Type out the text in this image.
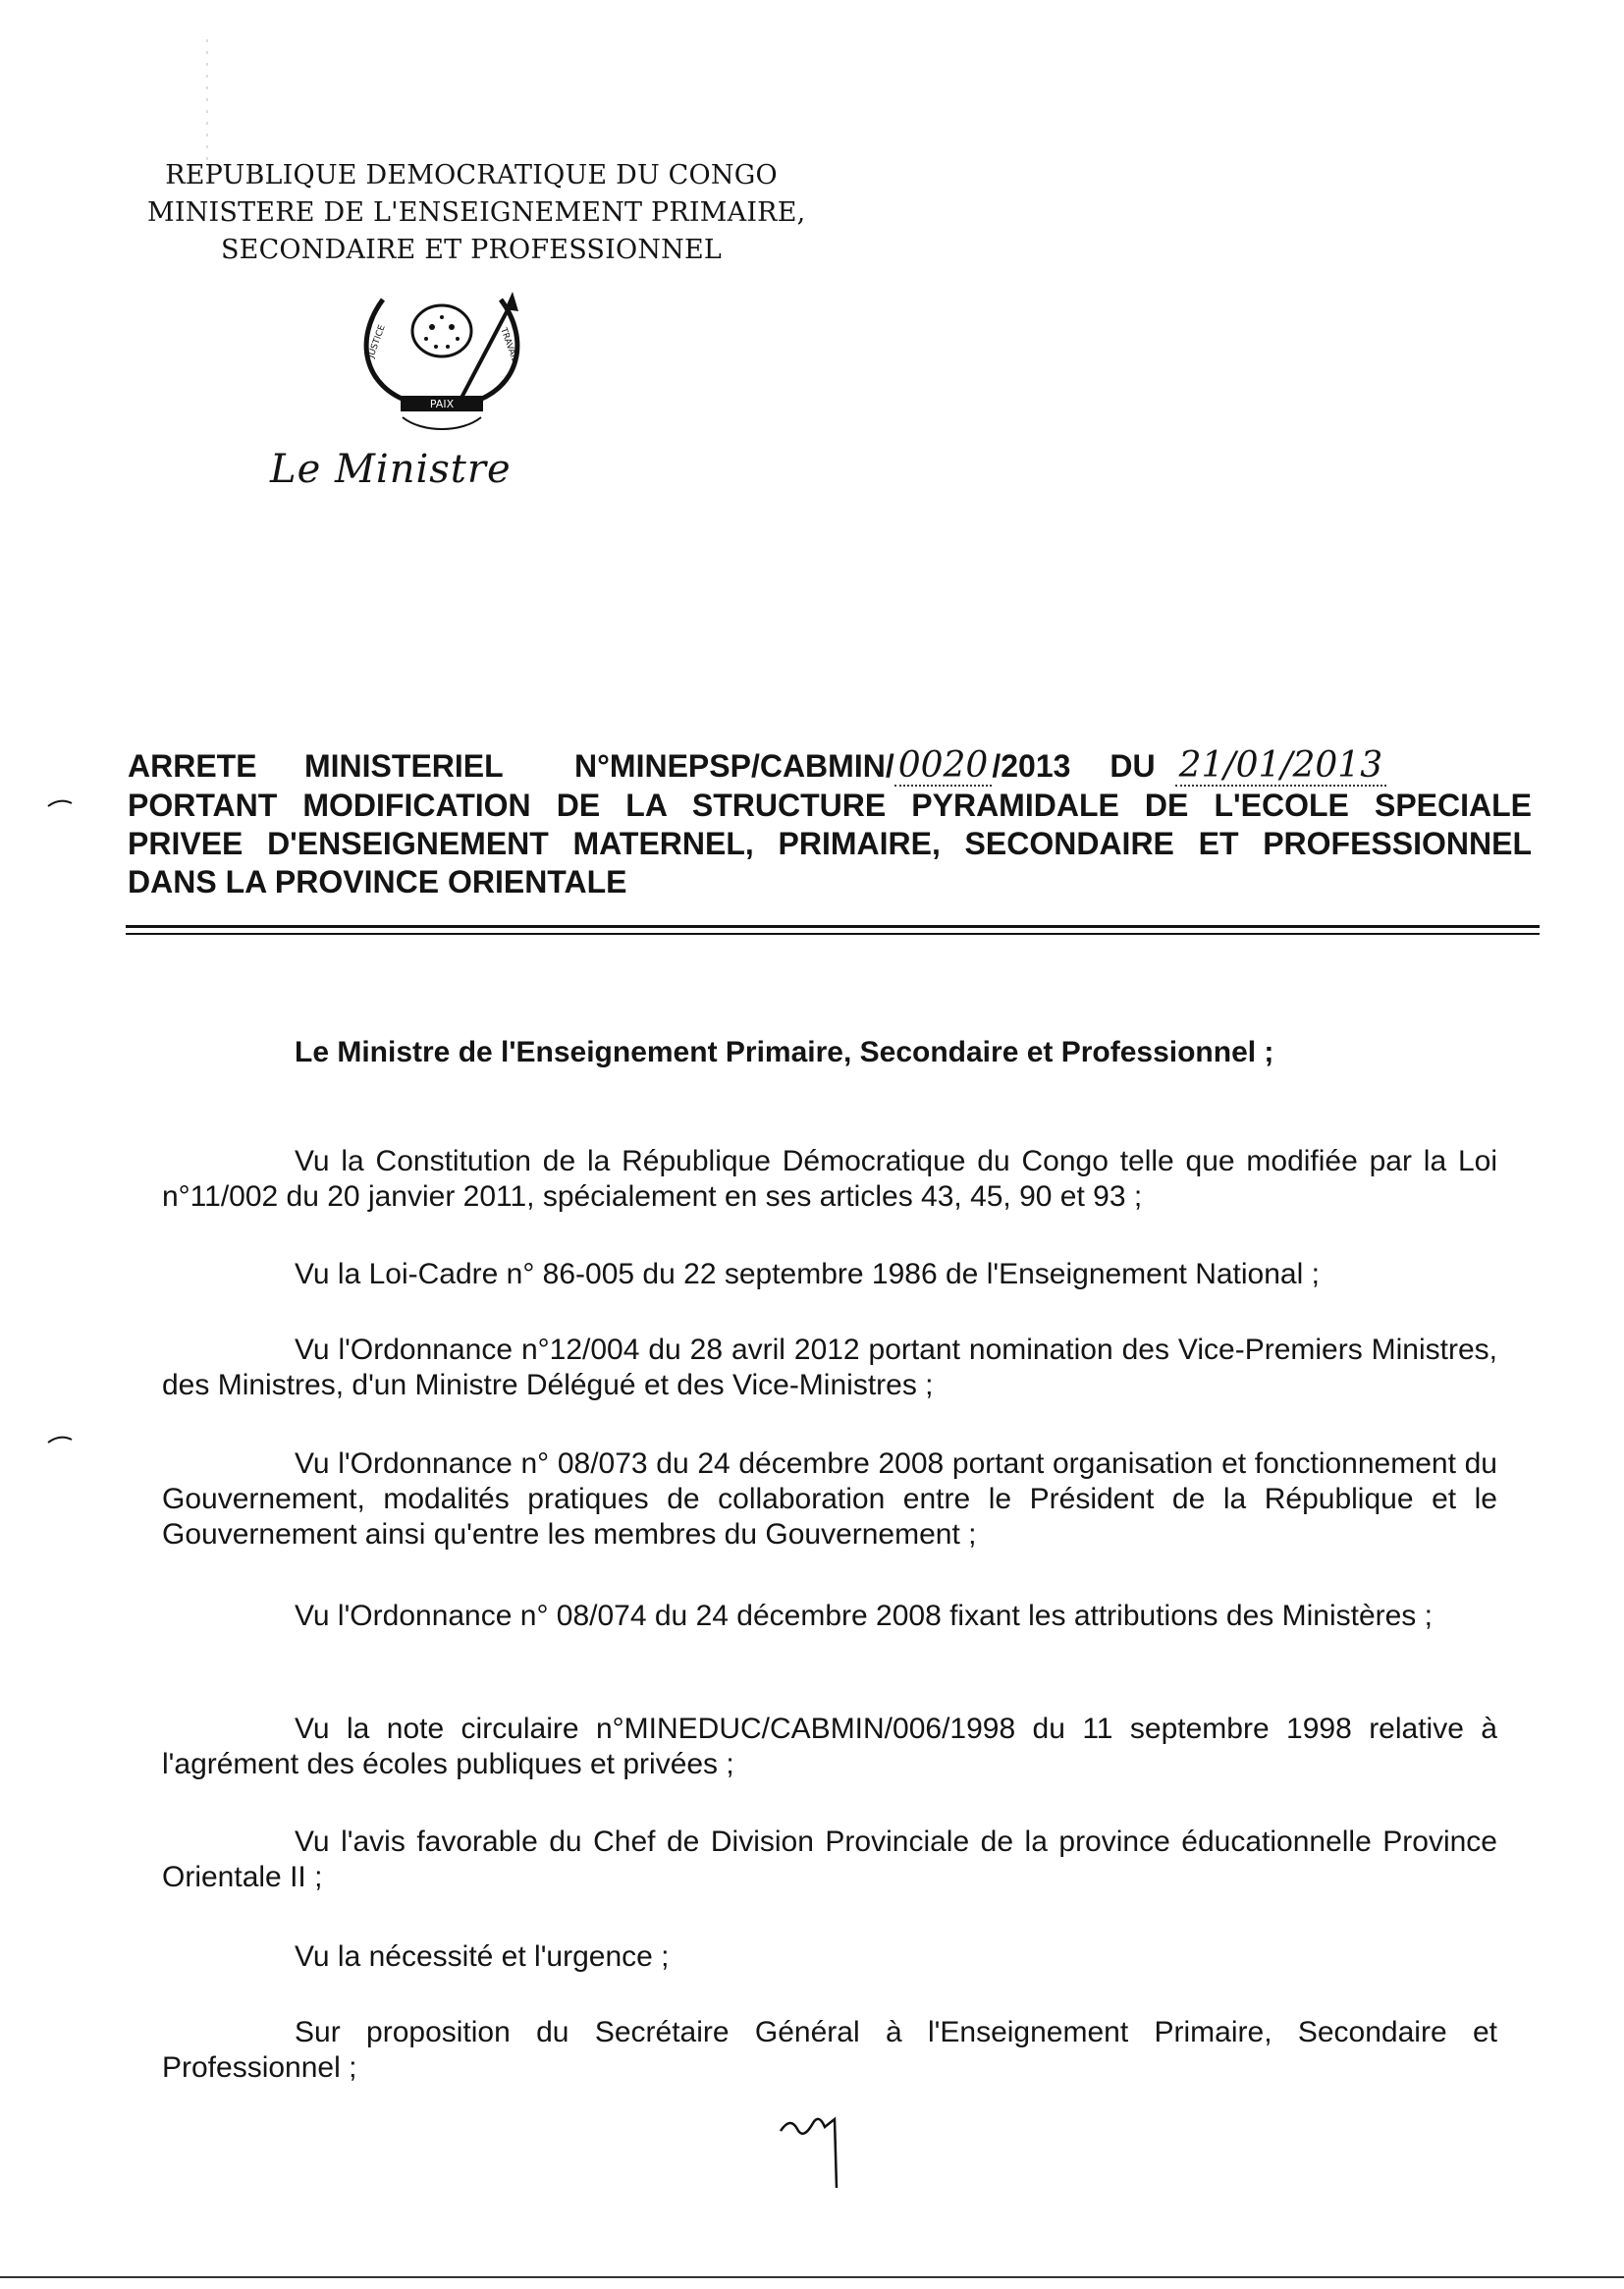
REPUBLIQUE DEMOCRATIQUE DU CONGO
MINISTERE DE L'ENSEIGNEMENT PRIMAIRE,
SECONDAIRE ET PROFESSIONNEL
PAIX
JUSTICE	TRAVAIL
Le Ministre
ARRETE	MINISTERIEL	N°MINEPSP/CABMIN/ 0020 /2013 DU 21/01/2013
PORTANT MODIFICATION DE LA STRUCTURE PYRAMIDALE DE L'ECOLE SPECIALE
PRIVEE D'ENSEIGNEMENT MATERNEL, PRIMAIRE, SECONDAIRE ET PROFESSIONNEL
DANS LA PROVINCE ORIENTALE
Le Ministre de l'Enseignement Primaire, Secondaire et Professionnel ;

Vu la Constitution de la République Démocratique du Congo telle que modifiée par la Loi n°11/002 du 20 janvier 2011, spécialement en ses articles 43, 45, 90 et 93 ;

Vu la Loi-Cadre n° 86-005 du 22 septembre 1986 de l'Enseignement National ;

Vu l'Ordonnance n°12/004 du 28 avril 2012 portant nomination des Vice-Premiers Ministres, des Ministres, d'un Ministre Délégué et des Vice-Ministres ;

Vu l'Ordonnance n° 08/073 du 24 décembre 2008 portant organisation et fonctionnement du Gouvernement, modalités pratiques de collaboration entre le Président de la République et le Gouvernement ainsi qu'entre les membres du Gouvernement ;

Vu l'Ordonnance n° 08/074 du 24 décembre 2008 fixant les attributions des Ministères ;

Vu la note circulaire n°MINEDUC/CABMIN/006/1998 du 11 septembre 1998 relative à l'agrément des écoles publiques et privées ;

Vu l'avis favorable du Chef de Division Provinciale de la province éducationnelle Province Orientale II ;

Vu la nécessité et l'urgence ;

Sur proposition du Secrétaire Général à l'Enseignement Primaire, Secondaire et Professionnel ;
